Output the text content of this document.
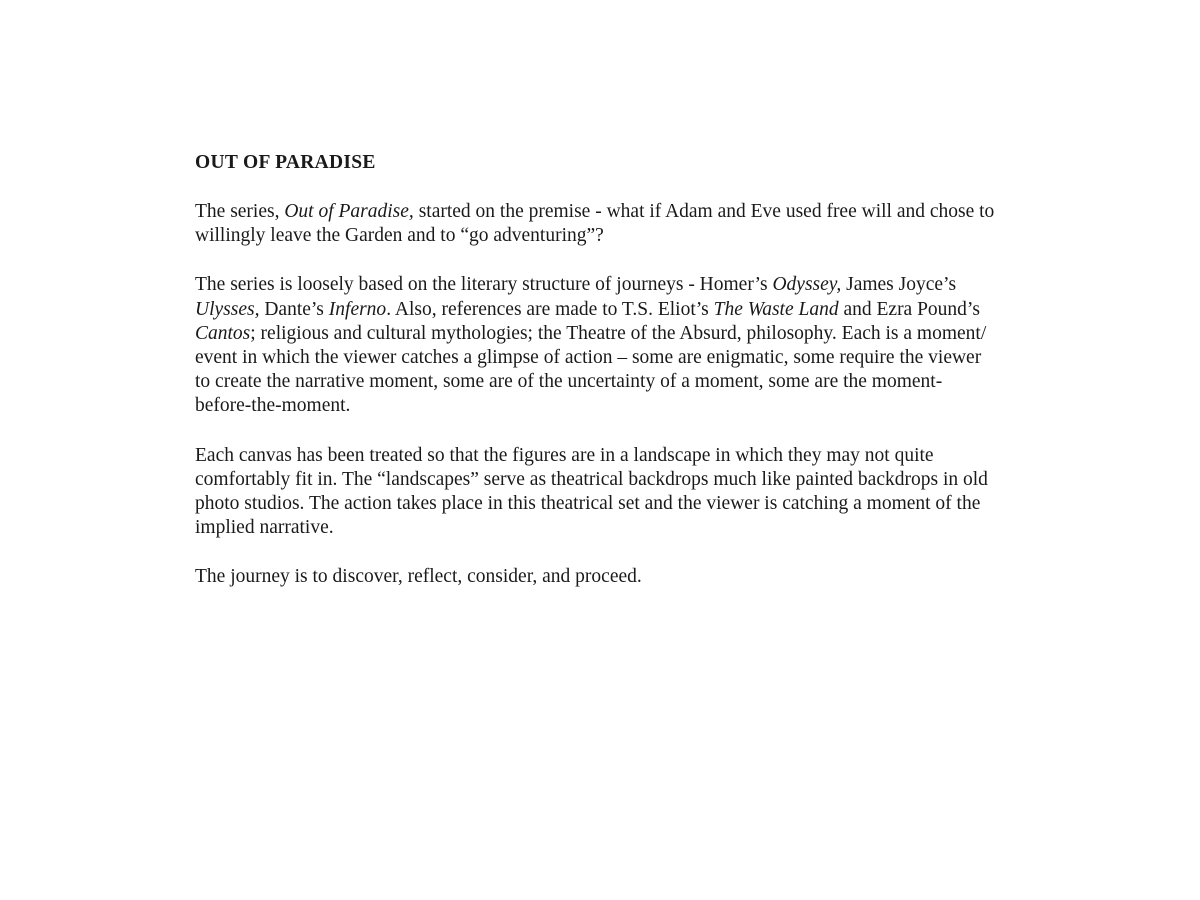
OUT OF PARADISE
The series, Out of Paradise, started on the premise - what if Adam and Eve used free will and chose to
willingly leave the Garden and to “go adventuring”?
The series is loosely based on the literary structure of journeys - Homer’s Odyssey, James Joyce’s
Ulysses, Dante’s Inferno. Also, references are made to T.S. Eliot’s The Waste Land and Ezra Pound’s
Cantos; religious and cultural mythologies; the Theatre of the Absurd, philosophy. Each is a moment/
event in which the viewer catches a glimpse of action – some are enigmatic, some require the viewer
to create the narrative moment, some are of the uncertainty of a moment, some are the moment-
before-the-moment.
Each canvas has been treated so that the figures are in a landscape in which they may not quite
comfortably fit in. The “landscapes” serve as theatrical backdrops much like painted backdrops in old
photo studios. The action takes place in this theatrical set and the viewer is catching a moment of the
implied narrative.
The journey is to discover, reflect, consider, and proceed.
